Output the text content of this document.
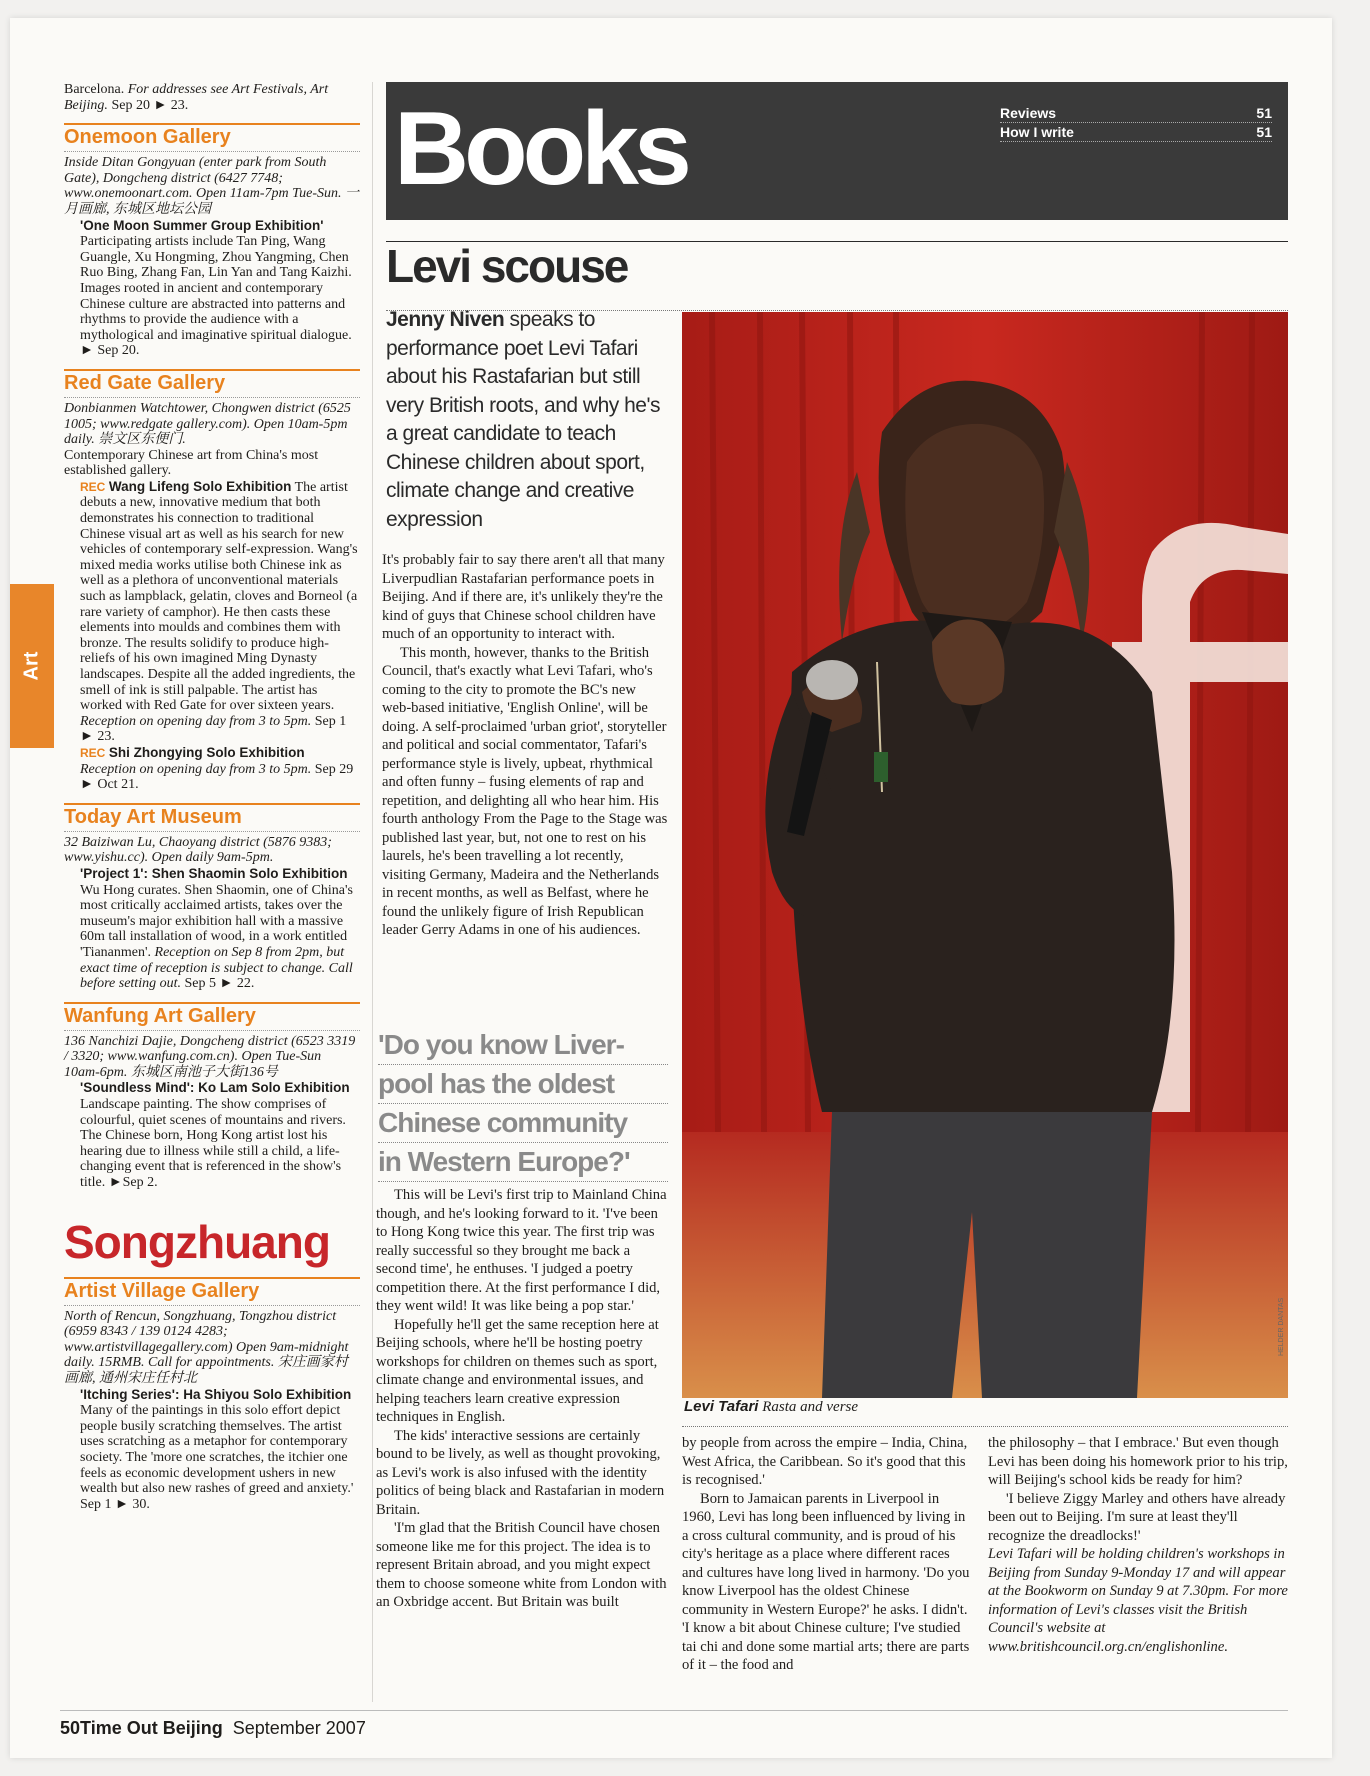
Art
Barcelona. For addresses see Art Festivals, Art Beijing. Sep 20 ► 23.
Onemoon Gallery
Inside Ditan Gongyuan (enter park from South Gate), Dongcheng district (6427 7748; www.onemoonart.com. Open 11am-7pm Tue-Sun. 一月画廊, 东城区地坛公园
'One Moon Summer Group Exhibition' Participating artists include Tan Ping, Wang Guangle, Xu Hongming, Zhou Yangming, Chen Ruo Bing, Zhang Fan, Lin Yan and Tang Kaizhi. Images rooted in ancient and contemporary Chinese culture are abstracted into patterns and rhythms to provide the audience with a mythological and imaginative spiritual dialogue. ► Sep 20.
Red Gate Gallery
Donbianmen Watchtower, Chongwen district (6525 1005; www.redgate gallery.com). Open 10am-5pm daily. 崇文区东便门.
Contemporary Chinese art from China's most established gallery.
REC Wang Lifeng Solo Exhibition The artist debuts a new, innovative medium that both demonstrates his connection to traditional Chinese visual art as well as his search for new vehicles of contemporary self-expression. Wang's mixed media works utilise both Chinese ink as well as a plethora of unconventional materials such as lampblack, gelatin, cloves and Borneol (a rare variety of camphor). He then casts these elements into moulds and combines them with bronze. The results solidify to produce high-reliefs of his own imagined Ming Dynasty landscapes. Despite all the added ingredients, the smell of ink is still palpable. The artist has worked with Red Gate for over sixteen years. Reception on opening day from 3 to 5pm. Sep 1 ► 23.
REC Shi Zhongying Solo Exhibition Reception on opening day from 3 to 5pm. Sep 29 ► Oct 21.
Today Art Museum
32 Baiziwan Lu, Chaoyang district (5876 9383; www.yishu.cc). Open daily 9am-5pm.
'Project 1': Shen Shaomin Solo Exhibition Wu Hong curates. Shen Shaomin, one of China's most critically acclaimed artists, takes over the museum's major exhibition hall with a massive 60m tall installation of wood, in a work entitled 'Tiananmen'. Reception on Sep 8 from 2pm, but exact time of reception is subject to change. Call before setting out. Sep 5 ► 22.
Wanfung Art Gallery
136 Nanchizi Dajie, Dongcheng district (6523 3319 / 3320; www.wanfung.com.cn). Open Tue-Sun 10am-6pm. 东城区南池子大街136号
'Soundless Mind': Ko Lam Solo Exhibition Landscape painting. The show comprises of colourful, quiet scenes of mountains and rivers. The Chinese born, Hong Kong artist lost his hearing due to illness while still a child, a life-changing event that is referenced in the show's title. ►Sep 2.
Songzhuang
Artist Village Gallery
North of Rencun, Songzhuang, Tongzhou district (6959 8343 / 139 0124 4283; www.artistvillagegallery.com) Open 9am-midnight daily. 15RMB. Call for appointments. 宋庄画家村画廊, 通州宋庄任村北
'Itching Series': Ha Shiyou Solo Exhibition Many of the paintings in this solo effort depict people busily scratching themselves. The artist uses scratching as a metaphor for contemporary society. The 'more one scratches, the itchier one feels as economic development ushers in new wealth but also new rashes of greed and anxiety.' Sep 1 ► 30.
Books	Reviews	51
How I write	51
Levi scouse
Jenny Niven speaks to performance poet Levi Tafari about his Rastafarian but still very British roots, and why he's a great candidate to teach Chinese children about sport, climate change and creative expression

It's probably fair to say there aren't all that many Liverpudlian Rastafarian performance poets in Beijing. And if there are, it's unlikely they're the kind of guys that Chinese school children have much of an opportunity to interact with.

This month, however, thanks to the British Council, that's exactly what Levi Tafari, who's coming to the city to promote the BC's new web-based initiative, 'English Online', will be doing. A self-proclaimed 'urban griot', storyteller and political and social commentator, Tafari's performance style is lively, upbeat, rhythmical and often funny – fusing elements of rap and repetition, and delighting all who hear him. His fourth anthology From the Page to the Stage was published last year, but, not one to rest on his laurels, he's been travelling a lot recently, visiting Germany, Madeira and the Netherlands in recent months, as well as Belfast, where he found the unlikely figure of Irish Republican leader Gerry Adams in one of his audiences.

'Do you know Liver-
pool has the oldest
Chinese community
in Western Europe?'

This will be Levi's first trip to Mainland China though, and he's looking forward to it. 'I've been to Hong Kong twice this year. The first trip was really successful so they brought me back a second time', he enthuses. 'I judged a poetry competition there. At the first performance I did, they went wild! It was like being a pop star.'

Hopefully he'll get the same reception here at Beijing schools, where he'll be hosting poetry workshops for children on themes such as sport, climate change and environmental issues, and helping teachers learn creative expression techniques in English.

The kids' interactive sessions are certainly bound to be lively, as well as thought provoking, as Levi's work is also infused with the identity politics of being black and Rastafarian in modern Britain.

'I'm glad that the British Council have chosen someone like me for this project. The idea is to represent Britain abroad, and you might expect them to choose someone white from London with an Oxbridge accent. But Britain was built

HELDER DANTAS
Levi Tafari Rasta and verse

by people from across the empire – India, China, West Africa, the Caribbean. So it's good that this is recognised.'

Born to Jamaican parents in Liverpool in 1960, Levi has long been influenced by living in a cross cultural community, and is proud of his city's heritage as a place where different races and cultures have long lived in harmony. 'Do you know Liverpool has the oldest Chinese community in Western Europe?' he asks. I didn't. 'I know a bit about Chinese culture; I've studied tai chi and done some martial arts; there are parts of it – the food and

the philosophy – that I embrace.' But even though Levi has been doing his homework prior to his trip, will Beijing's school kids be ready for him?

'I believe Ziggy Marley and others have already been out to Beijing. I'm sure at least they'll recognize the dreadlocks!'

Levi Tafari will be holding children's workshops in Beijing from Sunday 9-Monday 17 and will appear at the Bookworm on Sunday 9 at 7.30pm. For more information of Levi's classes visit the British Council's website at www.britishcouncil.org.cn/englishonline.

50Time Out Beijing September 2007
